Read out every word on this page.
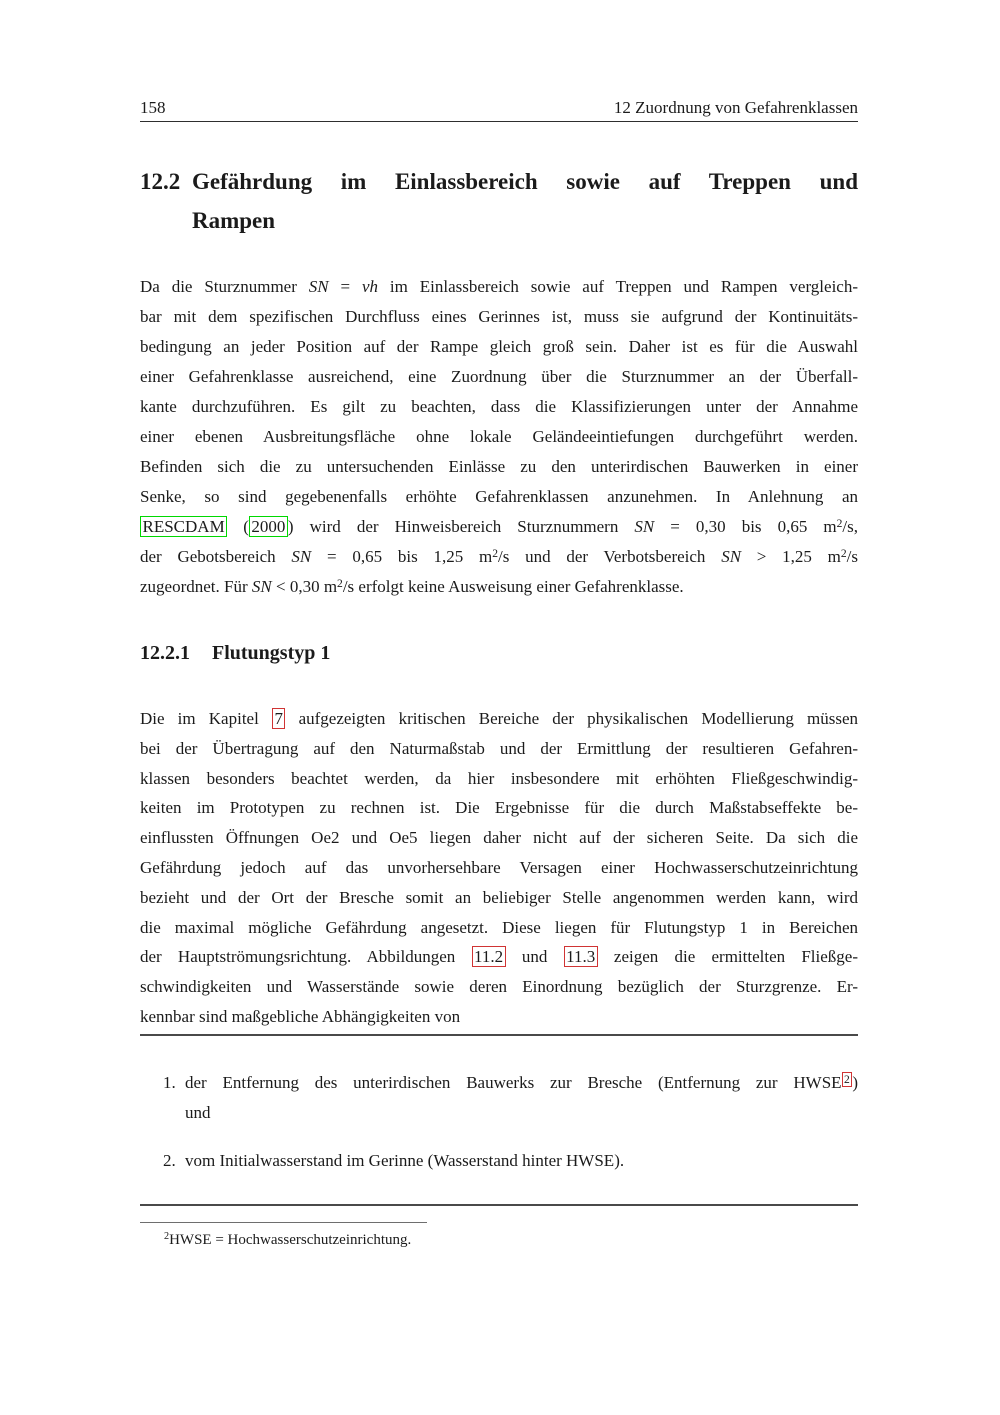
158	12 Zuordnung von Gefahrenklassen
12.2 Gefährdung im Einlassbereich sowie auf Treppen und
Rampen
Da die Sturznummer SN = vh im Einlassbereich sowie auf Treppen und Rampen vergleich-
bar mit dem spezifischen Durchfluss eines Gerinnes ist, muss sie aufgrund der Kontinuitäts-
bedingung an jeder Position auf der Rampe gleich groß sein. Daher ist es für die Auswahl
einer Gefahrenklasse ausreichend, eine Zuordnung über die Sturznummer an der Überfall-
kante durchzuführen. Es gilt zu beachten, dass die Klassifizierungen unter der Annahme
einer ebenen Ausbreitungsfläche ohne lokale Geländeeintiefungen durchgeführt werden.
Befinden sich die zu untersuchenden Einlässe zu den unterirdischen Bauwerken in einer
Senke, so sind gegebenenfalls erhöhte Gefahrenklassen anzunehmen. In Anlehnung an
RESCDAM ( 2000 ) wird der Hinweisbereich Sturznummern SN = 0,30 bis 0,65 $m^2/s$,
der Gebotsbereich SN = 0,65 bis 1,25 $m^2/s$ und der Verbotsbereich SN > 1,25 $m^2/s$
zugeordnet. Für SN < 0,30 $m^2/s$ erfolgt keine Ausweisung einer Gefahrenklasse.
12.2.1 Flutungstyp 1
Die im Kapitel 7 aufgezeigten kritischen Bereiche der physikalischen Modellierung müssen
bei der Übertragung auf den Naturmaßstab und der Ermittlung der resultieren Gefahren-
klassen besonders beachtet werden, da hier insbesondere mit erhöhten Fließgeschwindig-
keiten im Prototypen zu rechnen ist. Die Ergebnisse für die durch Maßstabseffekte be-
einflussten Öffnungen Oe2 und Oe5 liegen daher nicht auf der sicheren Seite. Da sich die
Gefährdung jedoch auf das unvorhersehbare Versagen einer Hochwasserschutzeinrichtung
bezieht und der Ort der Bresche somit an beliebiger Stelle angenommen werden kann, wird
die maximal mögliche Gefährdung angesetzt. Diese liegen für Flutungstyp 1 in Bereichen
der Hauptströmungsrichtung. Abbildungen 11.2 und 11.3 zeigen die ermittelten Fließge-
schwindigkeiten und Wasserstände sowie deren Einordnung bezüglich der Sturzgrenze. Er-
kennbar sind maßgebliche Abhängigkeiten von
1. der Entfernung des unterirdischen Bauwerks zur Bresche (Entfernung zur HWSE $^2$ )
und
2. vom Initialwasserstand im Gerinne (Wasserstand hinter HWSE).
$^2$HWSE = Hochwasserschutzeinrichtung.
